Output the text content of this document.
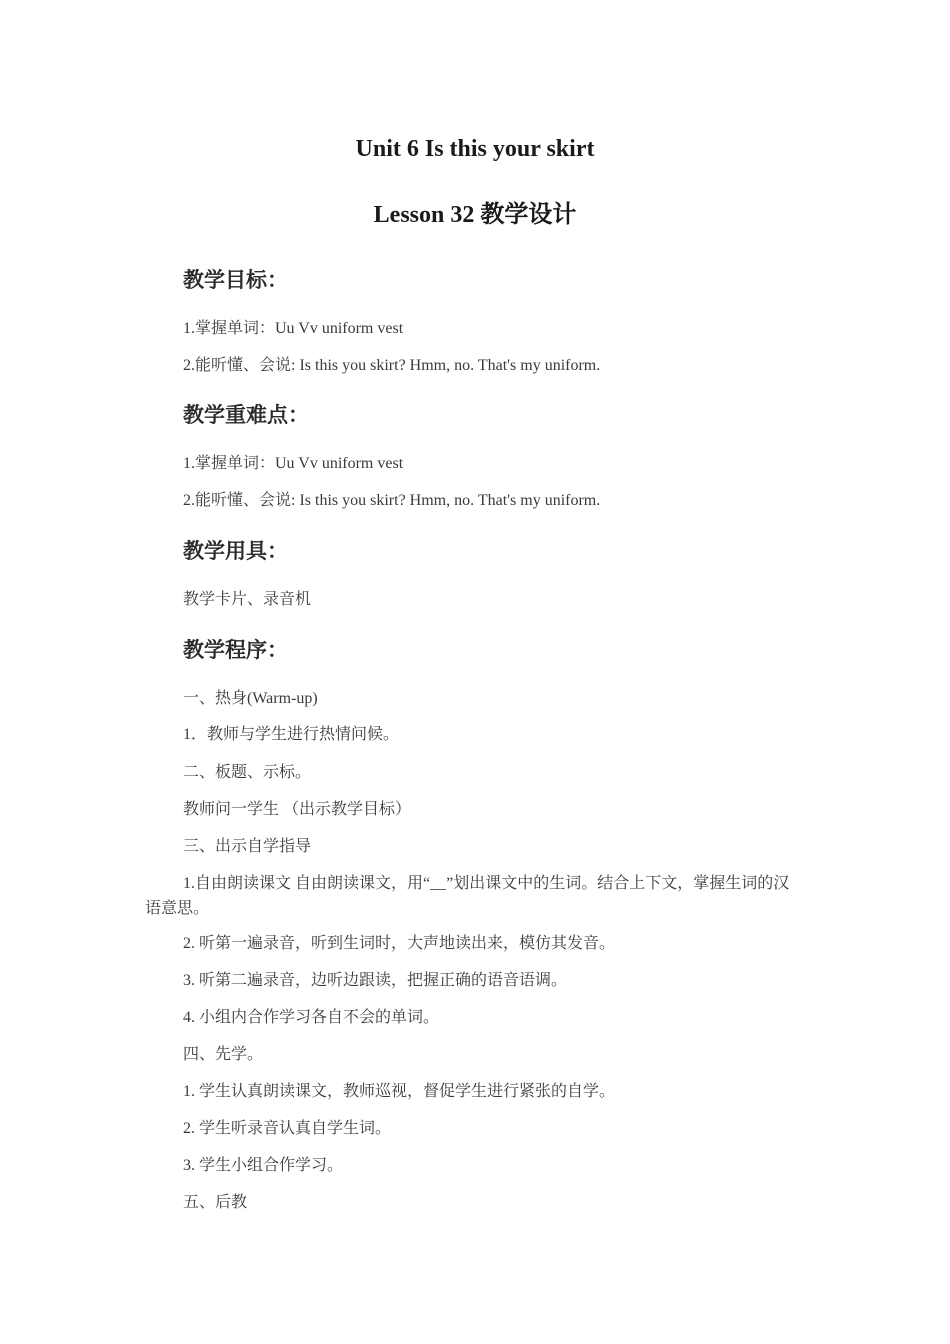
Unit 6 Is this your skirt
Lesson 32 教学设计
教学目标：

1.掌握单词：Uu Vv uniform vest

2.能听懂、会说: Is this you skirt? Hmm, no. That's my uniform.

教学重难点：

1.掌握单词：Uu Vv uniform vest

2.能听懂、会说: Is this you skirt? Hmm, no. That's my uniform.

教学用具：

教学卡片、录音机

教学程序：

一、热身(Warm-up)

1．教师与学生进行热情问候。

二、板题、示标。

教师问一学生 （出示教学目标）

三、出示自学指导

1.自由朗读课文 自由朗读课文，用“__”划出课文中的生词。结合上下文，掌握生词的汉语意思。

2. 听第一遍录音，听到生词时，大声地读出来，模仿其发音。

3. 听第二遍录音，边听边跟读，把握正确的语音语调。

4. 小组内合作学习各自不会的单词。

四、先学。

1. 学生认真朗读课文，教师巡视，督促学生进行紧张的自学。

2. 学生听录音认真自学生词。

3. 学生小组合作学习。

五、后教
